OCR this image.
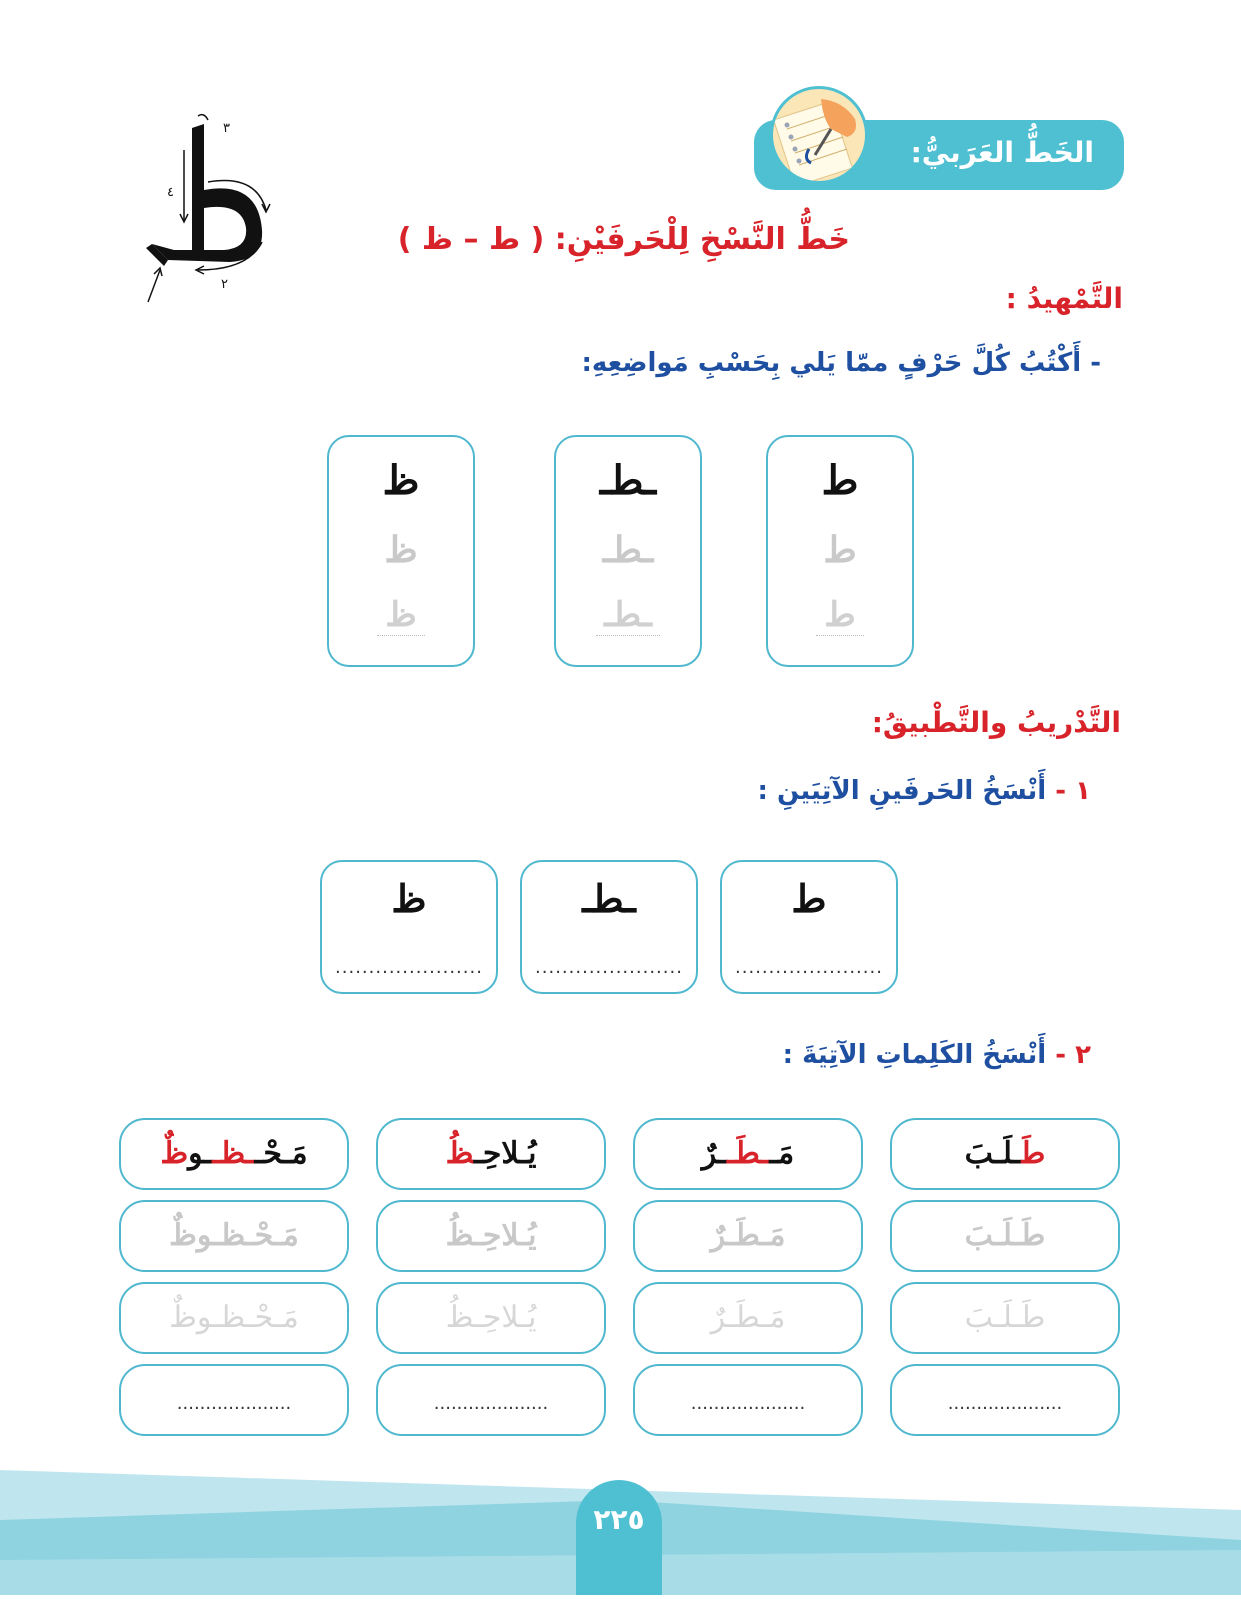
الخَطُّ العَرَبيُّ:
٣
٤	١
٢
خَطُّ النَّسْخِ لِلْحَرفَيْنِ: ( ط – ظ )
التَّمْهيدُ :
- أَكْتُبُ كُلَّ حَرْفٍ ممّا يَلي بِحَسْبِ مَواضِعِهِ:
ط
ط
ط
ـطـ
ـطـ
ـطـ
ظ
ظ
ظ
التَّدْريبُ والتَّطْبيقُ:
١ - أَنْسَخُ الحَرفَينِ الآتِيَينِ :
ط
......................
ـطـ
......................
ظ
......................
٢ - أَنْسَخُ الكَلِماتِ الآتِيَةَ :
طَـلَـبَ
طَـلَـبَ
طَـلَـبَ
....................
مَــطَــرٌ
مَـطَـرٌ
مَـطَـرٌ
....................
يُـلاحِـظُ
يُـلاحِـظُ
يُـلاحِـظُ
....................
مَـحْــظــوظٌ
مَـحْـظـوظٌ
مَـحْـظـوظٌ
....................
٢٢٥
